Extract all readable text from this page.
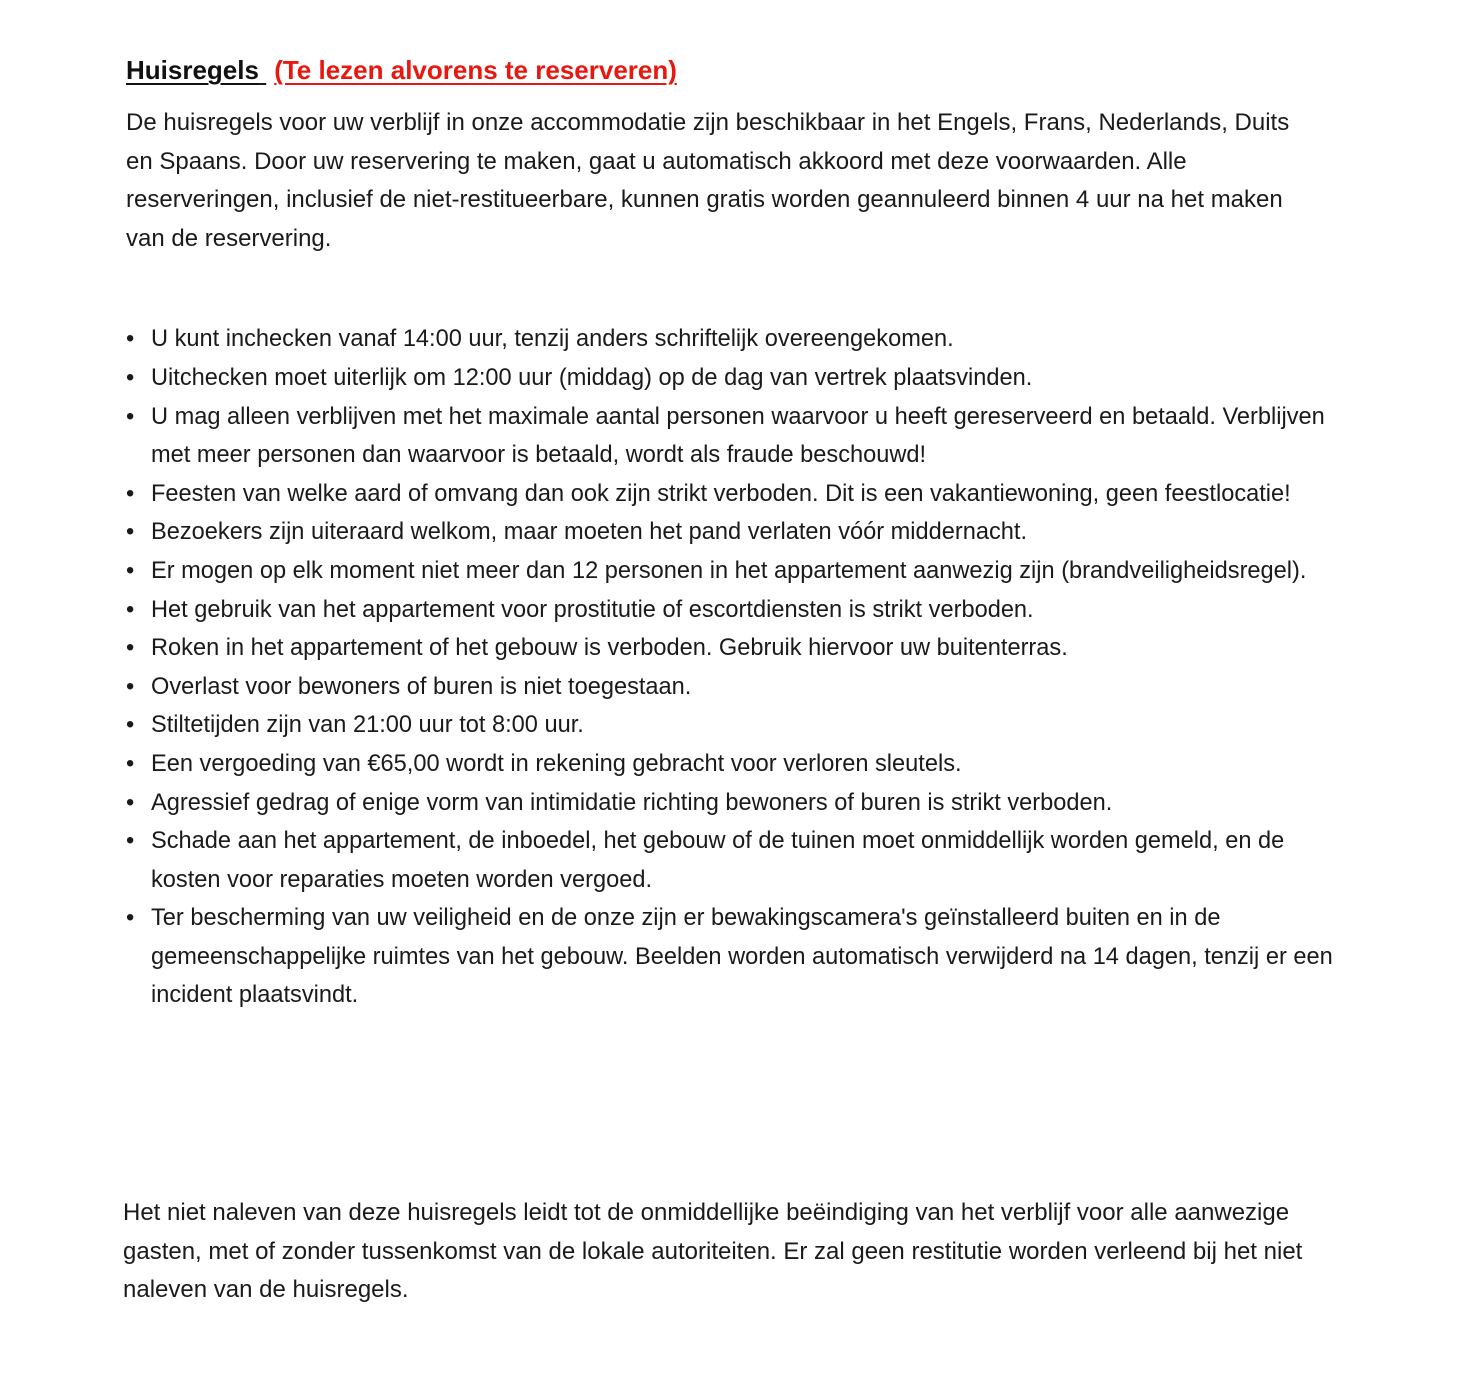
Huisregels (Te lezen alvorens te reserveren)

De huisregels voor uw verblijf in onze accommodatie zijn beschikbaar in het Engels, Frans, Nederlands, Duits en Spaans. Door uw reservering te maken, gaat u automatisch akkoord met deze voorwaarden. Alle reserveringen, inclusief de niet-restitueerbare, kunnen gratis worden geannuleerd binnen 4 uur na het maken van de reservering.

• U kunt inchecken vanaf 14:00 uur, tenzij anders schriftelijk overeengekomen.
• Uitchecken moet uiterlijk om 12:00 uur (middag) op de dag van vertrek plaatsvinden.
• U mag alleen verblijven met het maximale aantal personen waarvoor u heeft gereserveerd en betaald. Verblijven met meer personen dan waarvoor is betaald, wordt als fraude beschouwd!
• Feesten van welke aard of omvang dan ook zijn strikt verboden. Dit is een vakantiewoning, geen feestlocatie!
• Bezoekers zijn uiteraard welkom, maar moeten het pand verlaten vóór middernacht.
• Er mogen op elk moment niet meer dan 12 personen in het appartement aanwezig zijn (brandveiligheidsregel).
• Het gebruik van het appartement voor prostitutie of escortdiensten is strikt verboden.
• Roken in het appartement of het gebouw is verboden. Gebruik hiervoor uw buitenterras.
• Overlast voor bewoners of buren is niet toegestaan.
• Stiltetijden zijn van 21:00 uur tot 8:00 uur.
• Een vergoeding van €65,00 wordt in rekening gebracht voor verloren sleutels.
• Agressief gedrag of enige vorm van intimidatie richting bewoners of buren is strikt verboden.
• Schade aan het appartement, de inboedel, het gebouw of de tuinen moet onmiddellijk worden gemeld, en de kosten voor reparaties moeten worden vergoed.
• Ter bescherming van uw veiligheid en de onze zijn er bewakingscamera's geïnstalleerd buiten en in de gemeenschappelijke ruimtes van het gebouw. Beelden worden automatisch verwijderd na 14 dagen, tenzij er een incident plaatsvindt.

Het niet naleven van deze huisregels leidt tot de onmiddellijke beëindiging van het verblijf voor alle aanwezige gasten, met of zonder tussenkomst van de lokale autoriteiten. Er zal geen restitutie worden verleend bij het niet naleven van de huisregels.
